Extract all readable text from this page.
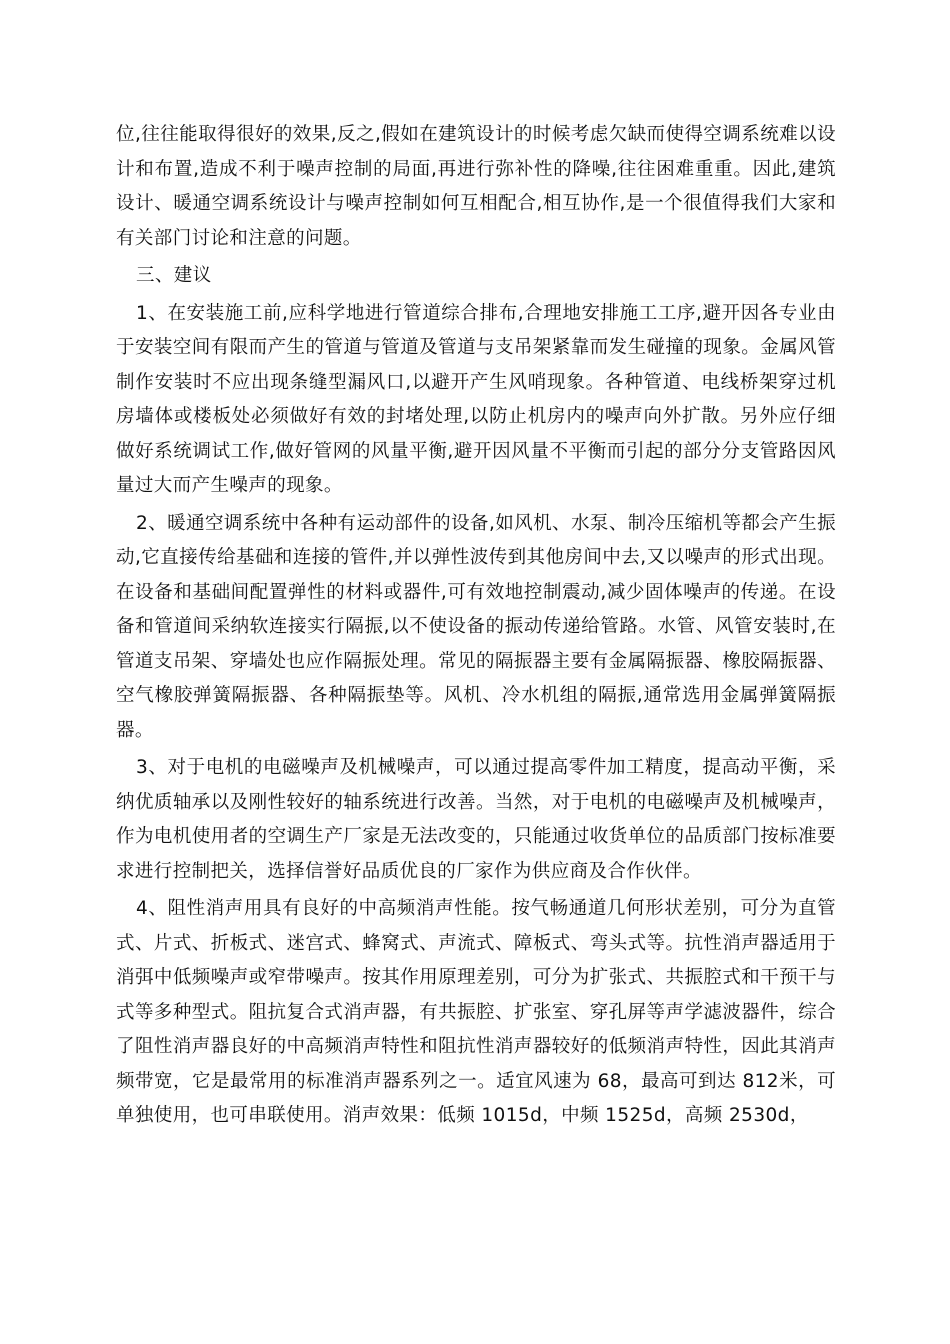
位,往往能取得很好的效果,反之,假如在建筑设计的时候考虑欠缺而使得空调系统难以设计和布置,造成不利于噪声控制的局面,再进行弥补性的降噪,往往困难重重。因此,建筑设计、暖通空调系统设计与噪声控制如何互相配合,相互协作,是一个很值得我们大家和有关部门讨论和注意的问题。

三、建议

1、在安装施工前,应科学地进行管道综合排布,合理地安排施工工序,避开因各专业由于安装空间有限而产生的管道与管道及管道与支吊架紧靠而发生碰撞的现象。金属风管制作安装时不应出现条缝型漏风口,以避开产生风哨现象。各种管道、电线桥架穿过机房墙体或楼板处必须做好有效的封堵处理,以防止机房内的噪声向外扩散。另外应仔细做好系统调试工作,做好管网的风量平衡,避开因风量不平衡而引起的部分分支管路因风量过大而产生噪声的现象。

2、暖通空调系统中各种有运动部件的设备,如风机、水泵、制冷压缩机等都会产生振动,它直接传给基础和连接的管件,并以弹性波传到其他房间中去,又以噪声的形式出现。在设备和基础间配置弹性的材料或器件,可有效地控制震动,减少固体噪声的传递。在设备和管道间采纳软连接实行隔振,以不使设备的振动传递给管路。水管、风管安装时,在管道支吊架、穿墙处也应作隔振处理。常见的隔振器主要有金属隔振器、橡胶隔振器、空气橡胶弹簧隔振器、各种隔振垫等。风机、冷水机组的隔振,通常选用金属弹簧隔振器。

3、对于电机的电磁噪声及机械噪声，可以通过提高零件加工精度，提高动平衡，采纳优质轴承以及刚性较好的轴系统进行改善。当然，对于电机的电磁噪声及机械噪声，作为电机使用者的空调生产厂家是无法改变的，只能通过收货单位的品质部门按标准要求进行控制把关，选择信誉好品质优良的厂家作为供应商及合作伙伴。

4、阻性消声用具有良好的中高频消声性能。按气畅通道几何形状差别，可分为直管式、片式、折板式、迷宫式、蜂窝式、声流式、障板式、弯头式等。抗性消声器适用于消弭中低频噪声或窄带噪声。按其作用原理差别，可分为扩张式、共振腔式和干预干与式等多种型式。阻抗复合式消声器，有共振腔、扩张室、穿孔屏等声学滤波器件，综合了阻性消声器良好的中高频消声特性和阻抗性消声器较好的低频消声特性，因此其消声频带宽，它是最常用的标准消声器系列之一。适宜风速为 68，最高可到达 812米，可单独使用，也可串联使用。消声效果：低频 1015d，中频 1525d，高频 2530d，
